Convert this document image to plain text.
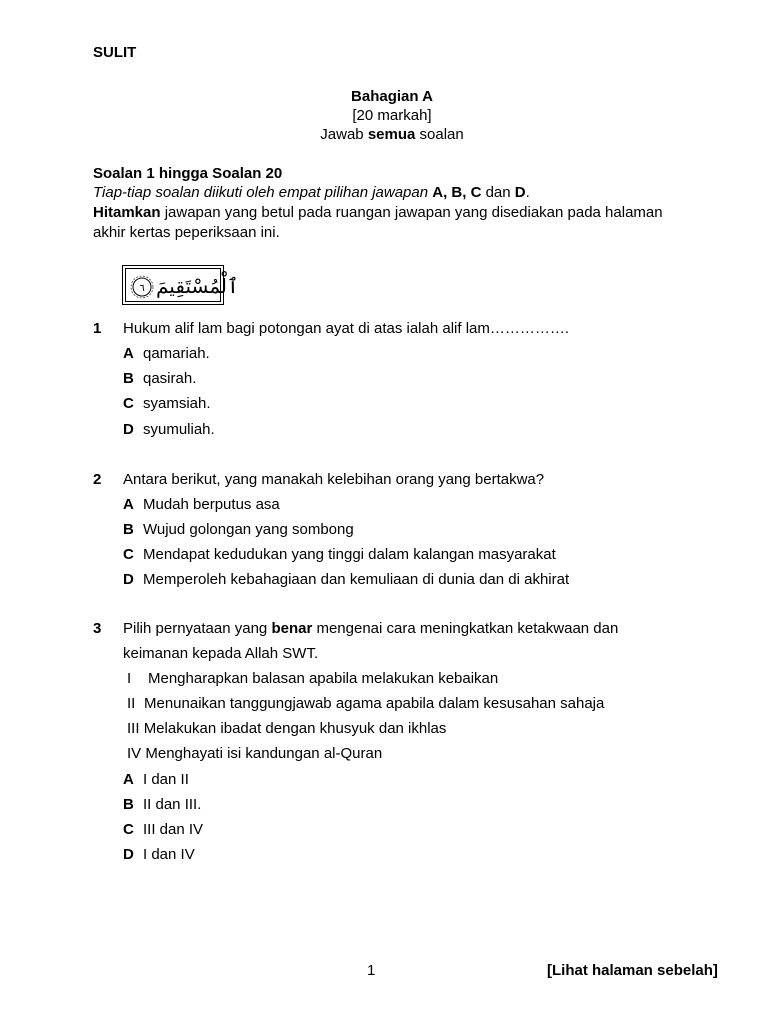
SULIT
Bahagian A
[20 markah]
Jawab semua soalan
Soalan 1 hingga Soalan 20
Tiap-tiap soalan diikuti oleh empat pilihan jawapan A, B, C dan D.
Hitamkan jawapan yang betul pada ruangan jawapan yang disediakan pada halaman
akhir kertas peperiksaan ini.
٦ ٱلْمُسْتَقِيمَ
1 Hukum alif lam bagi potongan ayat di atas ialah alif lam…………….
A qamariah.
B qasirah.
C syamsiah.
D syumuliah.
2 Antara berikut, yang manakah kelebihan orang yang bertakwa?
A Mudah berputus asa
B Wujud golongan yang sombong
C Mendapat kedudukan yang tinggi dalam kalangan masyarakat
D Memperoleh kebahagiaan dan kemuliaan di dunia dan di akhirat
3 Pilih pernyataan yang benar mengenai cara meningkatkan ketakwaan dan
keimanan kepada Allah SWT.
I Mengharapkan balasan apabila melakukan kebaikan
II Menunaikan tanggungjawab agama apabila dalam kesusahan sahaja
III Melakukan ibadat dengan khusyuk dan ikhlas
IV Menghayati isi kandungan al-Quran
A I dan II
B II dan III.
C III dan IV
D I dan IV
1	[Lihat halaman sebelah]
